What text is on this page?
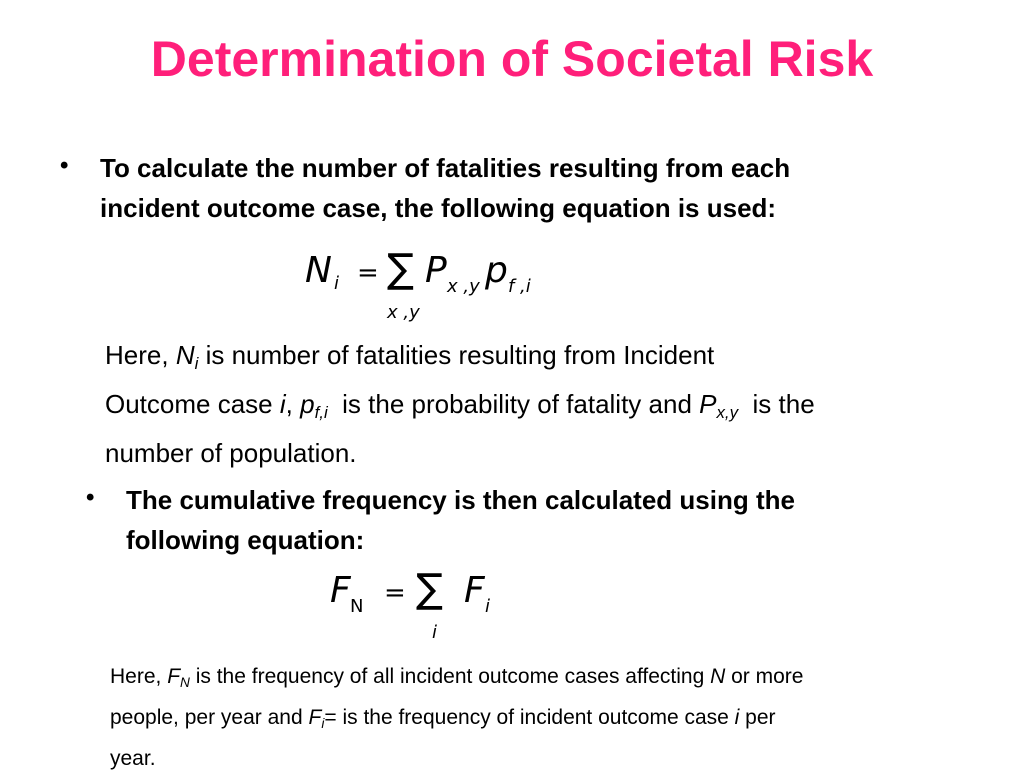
Determination of Societal Risk
• To calculate the number of fatalities resulting from each
incident outcome case, the following equation is used:
N i = ∑
x ,y
P x ,y p f ,i
Here, $N_i$ is number of fatalities resulting from Incident
Outcome case i, $p_{f,i}$  is the probability of fatality and $P_{x,y}$  is the
number of population.
• The cumulative frequency is then calculated using the
following equation:
F N = ∑
i
F i
Here, $F_N$ is the frequency of all incident outcome cases affecting N or more
people, per year and $F_i=$ is the frequency of incident outcome case i per
year.
